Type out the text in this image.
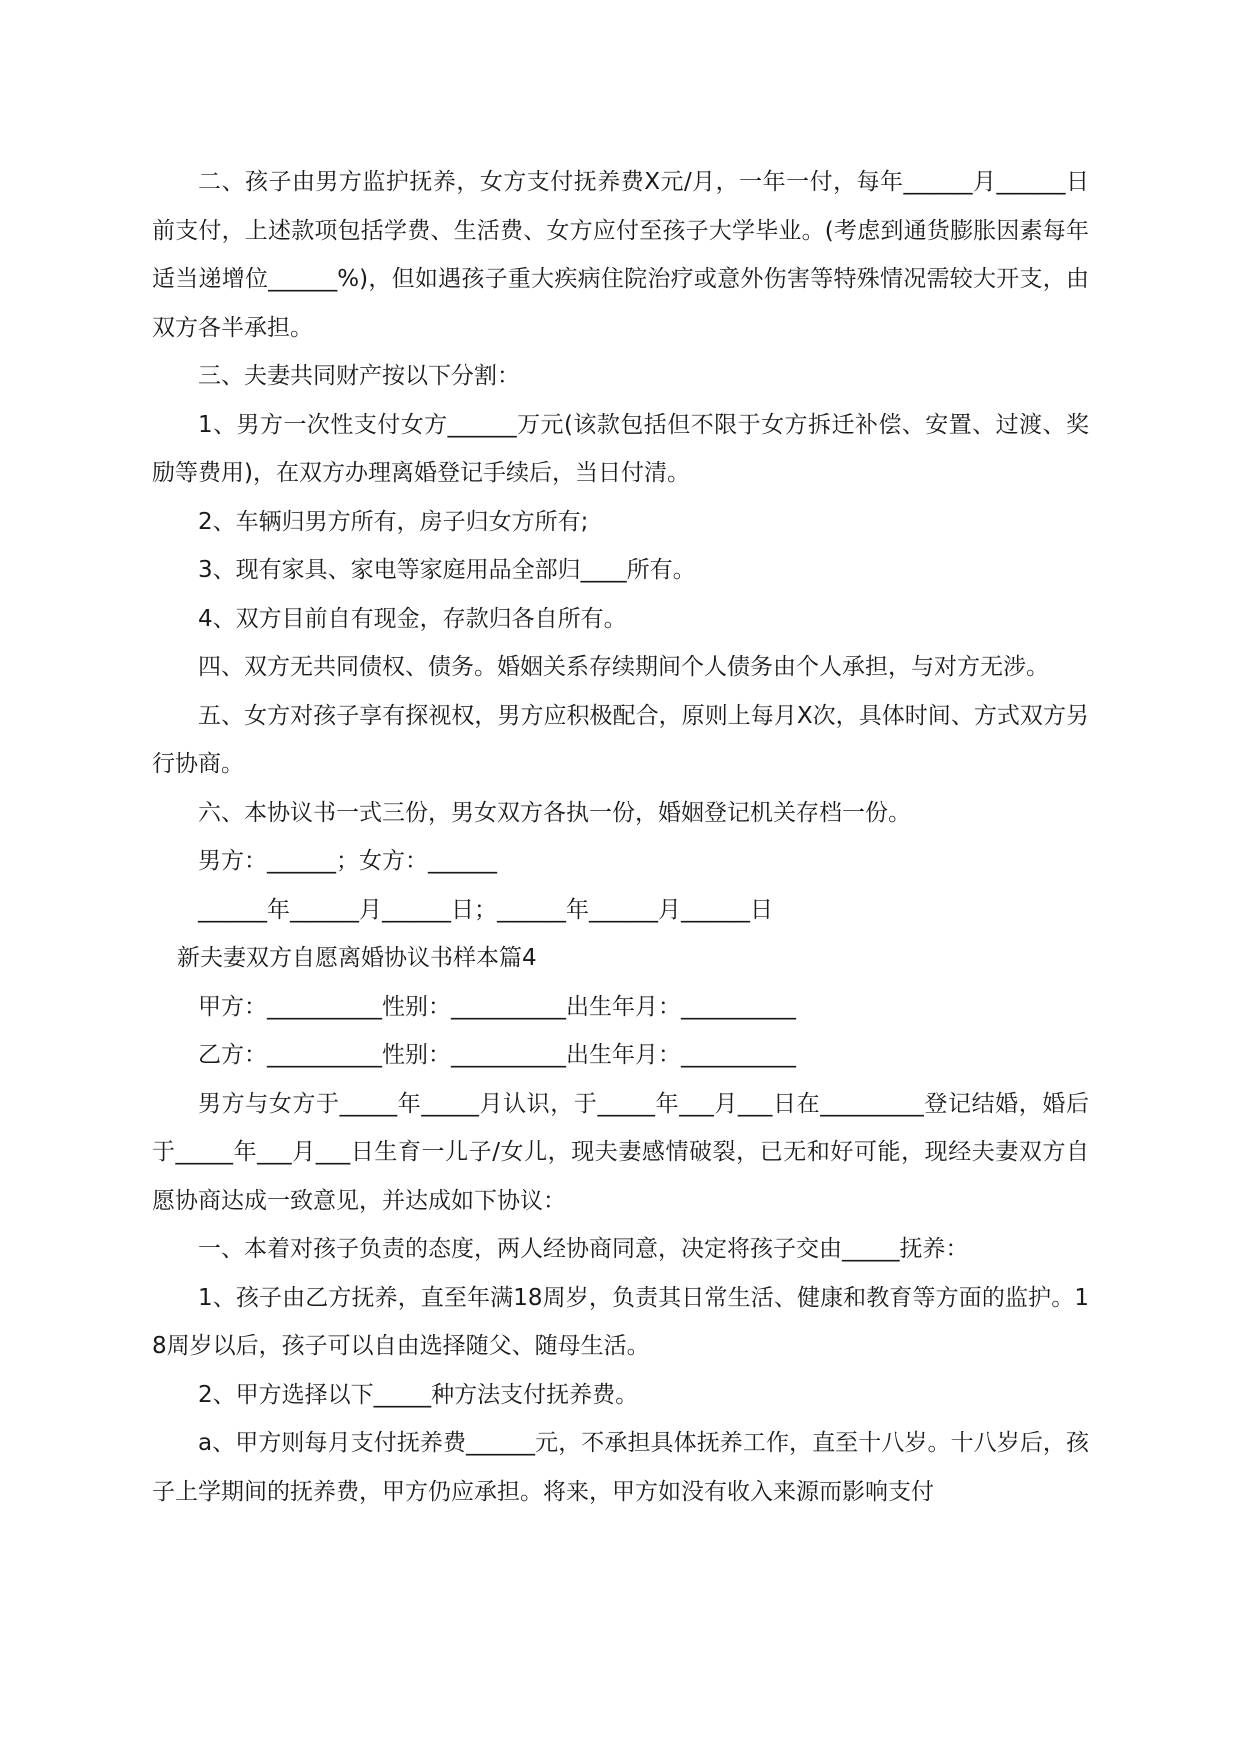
二、孩子由男方监护抚养，女方支付抚养费X元/月，一年一付，每年______月______日前支付，上述款项包括学费、生活费、女方应付至孩子大学毕业。(考虑到通货膨胀因素每年适当递增位______%)，但如遇孩子重大疾病住院治疗或意外伤害等特殊情况需较大开支，由双方各半承担。

三、夫妻共同财产按以下分割：

1、男方一次性支付女方______万元(该款包括但不限于女方拆迁补偿、安置、过渡、奖励等费用)，在双方办理离婚登记手续后，当日付清。

2、车辆归男方所有，房子归女方所有;

3、现有家具、家电等家庭用品全部归____所有。

4、双方目前自有现金，存款归各自所有。

四、双方无共同债权、债务。婚姻关系存续期间个人债务由个人承担，与对方无涉。

五、女方对孩子享有探视权，男方应积极配合，原则上每月X次，具体时间、方式双方另行协商。

六、本协议书一式三份，男女双方各执一份，婚姻登记机关存档一份。

男方：______；女方：______

______年______月______日；______年______月______日

新夫妻双方自愿离婚协议书样本篇4

甲方：__________性别：__________出生年月：__________

乙方：__________性别：__________出生年月：__________

男方与女方于_____年_____月认识，于_____年___月___日在_________登记结婚，婚后于_____年___月___日生育一儿子/女儿，现夫妻感情破裂，已无和好可能，现经夫妻双方自愿协商达成一致意见，并达成如下协议：

一、本着对孩子负责的态度，两人经协商同意，决定将孩子交由_____抚养：

1、孩子由乙方抚养，直至年满18周岁，负责其日常生活、健康和教育等方面的监护。18周岁以后，孩子可以自由选择随父、随母生活。

2、甲方选择以下_____种方法支付抚养费。

a、甲方则每月支付抚养费______元，不承担具体抚养工作，直至十八岁。十八岁后，孩子上学期间的抚养费，甲方仍应承担。将来，甲方如没有收入来源而影响支付
